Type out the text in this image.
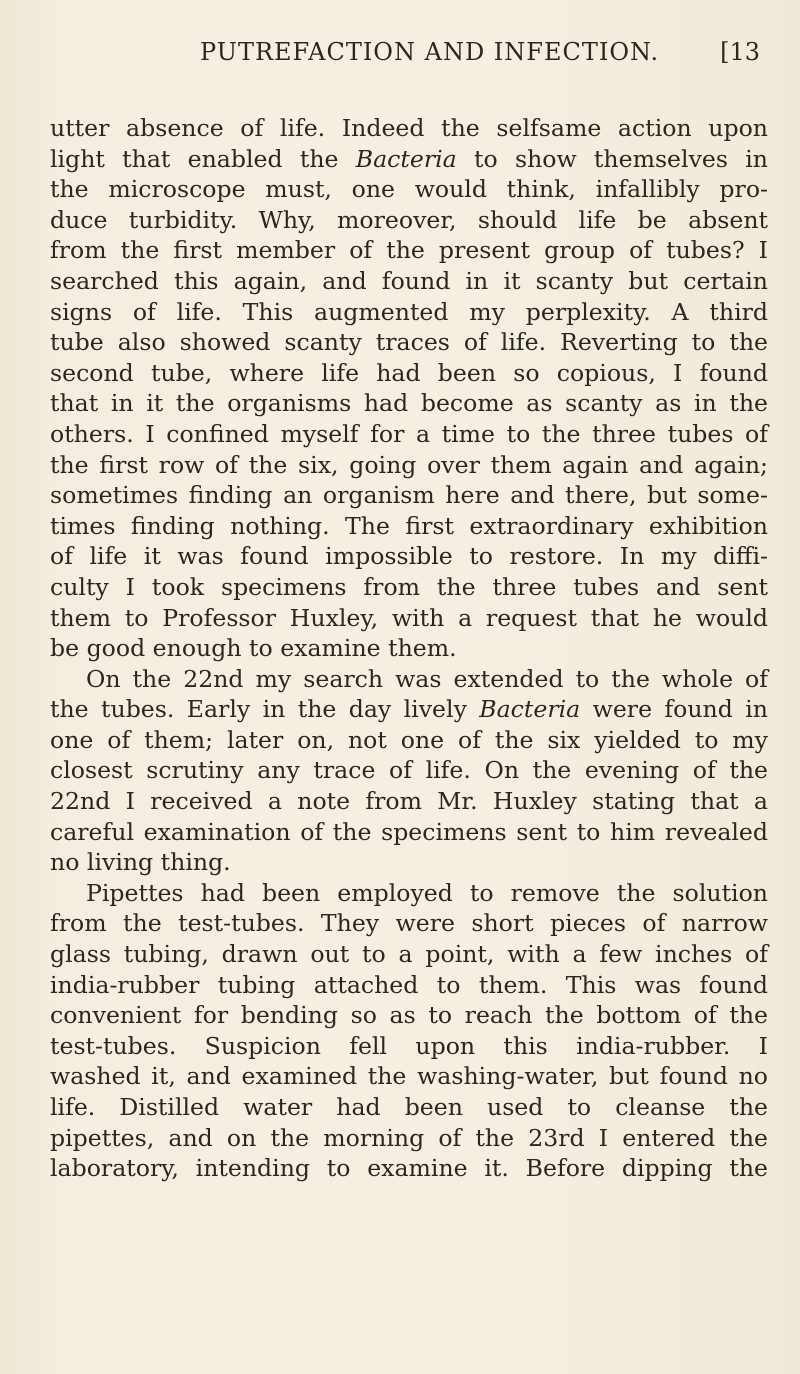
PUTREFACTION AND INFECTION.	[13
utter absence of life. Indeed the selfsame action upon
light that enabled the Bacteria to show themselves in
the microscope must, one would think, infallibly pro-
duce turbidity. Why, moreover, should life be absent
from the first member of the present group of tubes? I
searched this again, and found in it scanty but certain
signs of life. This augmented my perplexity. A third
tube also showed scanty traces of life. Reverting to the
second tube, where life had been so copious, I found
that in it the organisms had become as scanty as in the
others. I confined myself for a time to the three tubes of
the first row of the six, going over them again and again;
sometimes finding an organism here and there, but some-
times finding nothing. The first extraordinary exhibition
of life it was found impossible to restore. In my diffi-
culty I took specimens from the three tubes and sent
them to Professor Huxley, with a request that he would
be good enough to examine them.
On the 22nd my search was extended to the whole of
the tubes. Early in the day lively Bacteria were found in
one of them; later on, not one of the six yielded to my
closest scrutiny any trace of life. On the evening of the
22nd I received a note from Mr. Huxley stating that a
careful examination of the specimens sent to him revealed
no living thing.
Pipettes had been employed to remove the solution
from the test-tubes. They were short pieces of narrow
glass tubing, drawn out to a point, with a few inches of
india-rubber tubing attached to them. This was found
convenient for bending so as to reach the bottom of the
test-tubes. Suspicion fell upon this india-rubber. I
washed it, and examined the washing-water, but found no
life. Distilled water had been used to cleanse the
pipettes, and on the morning of the 23rd I entered the
laboratory, intending to examine it. Before dipping the
